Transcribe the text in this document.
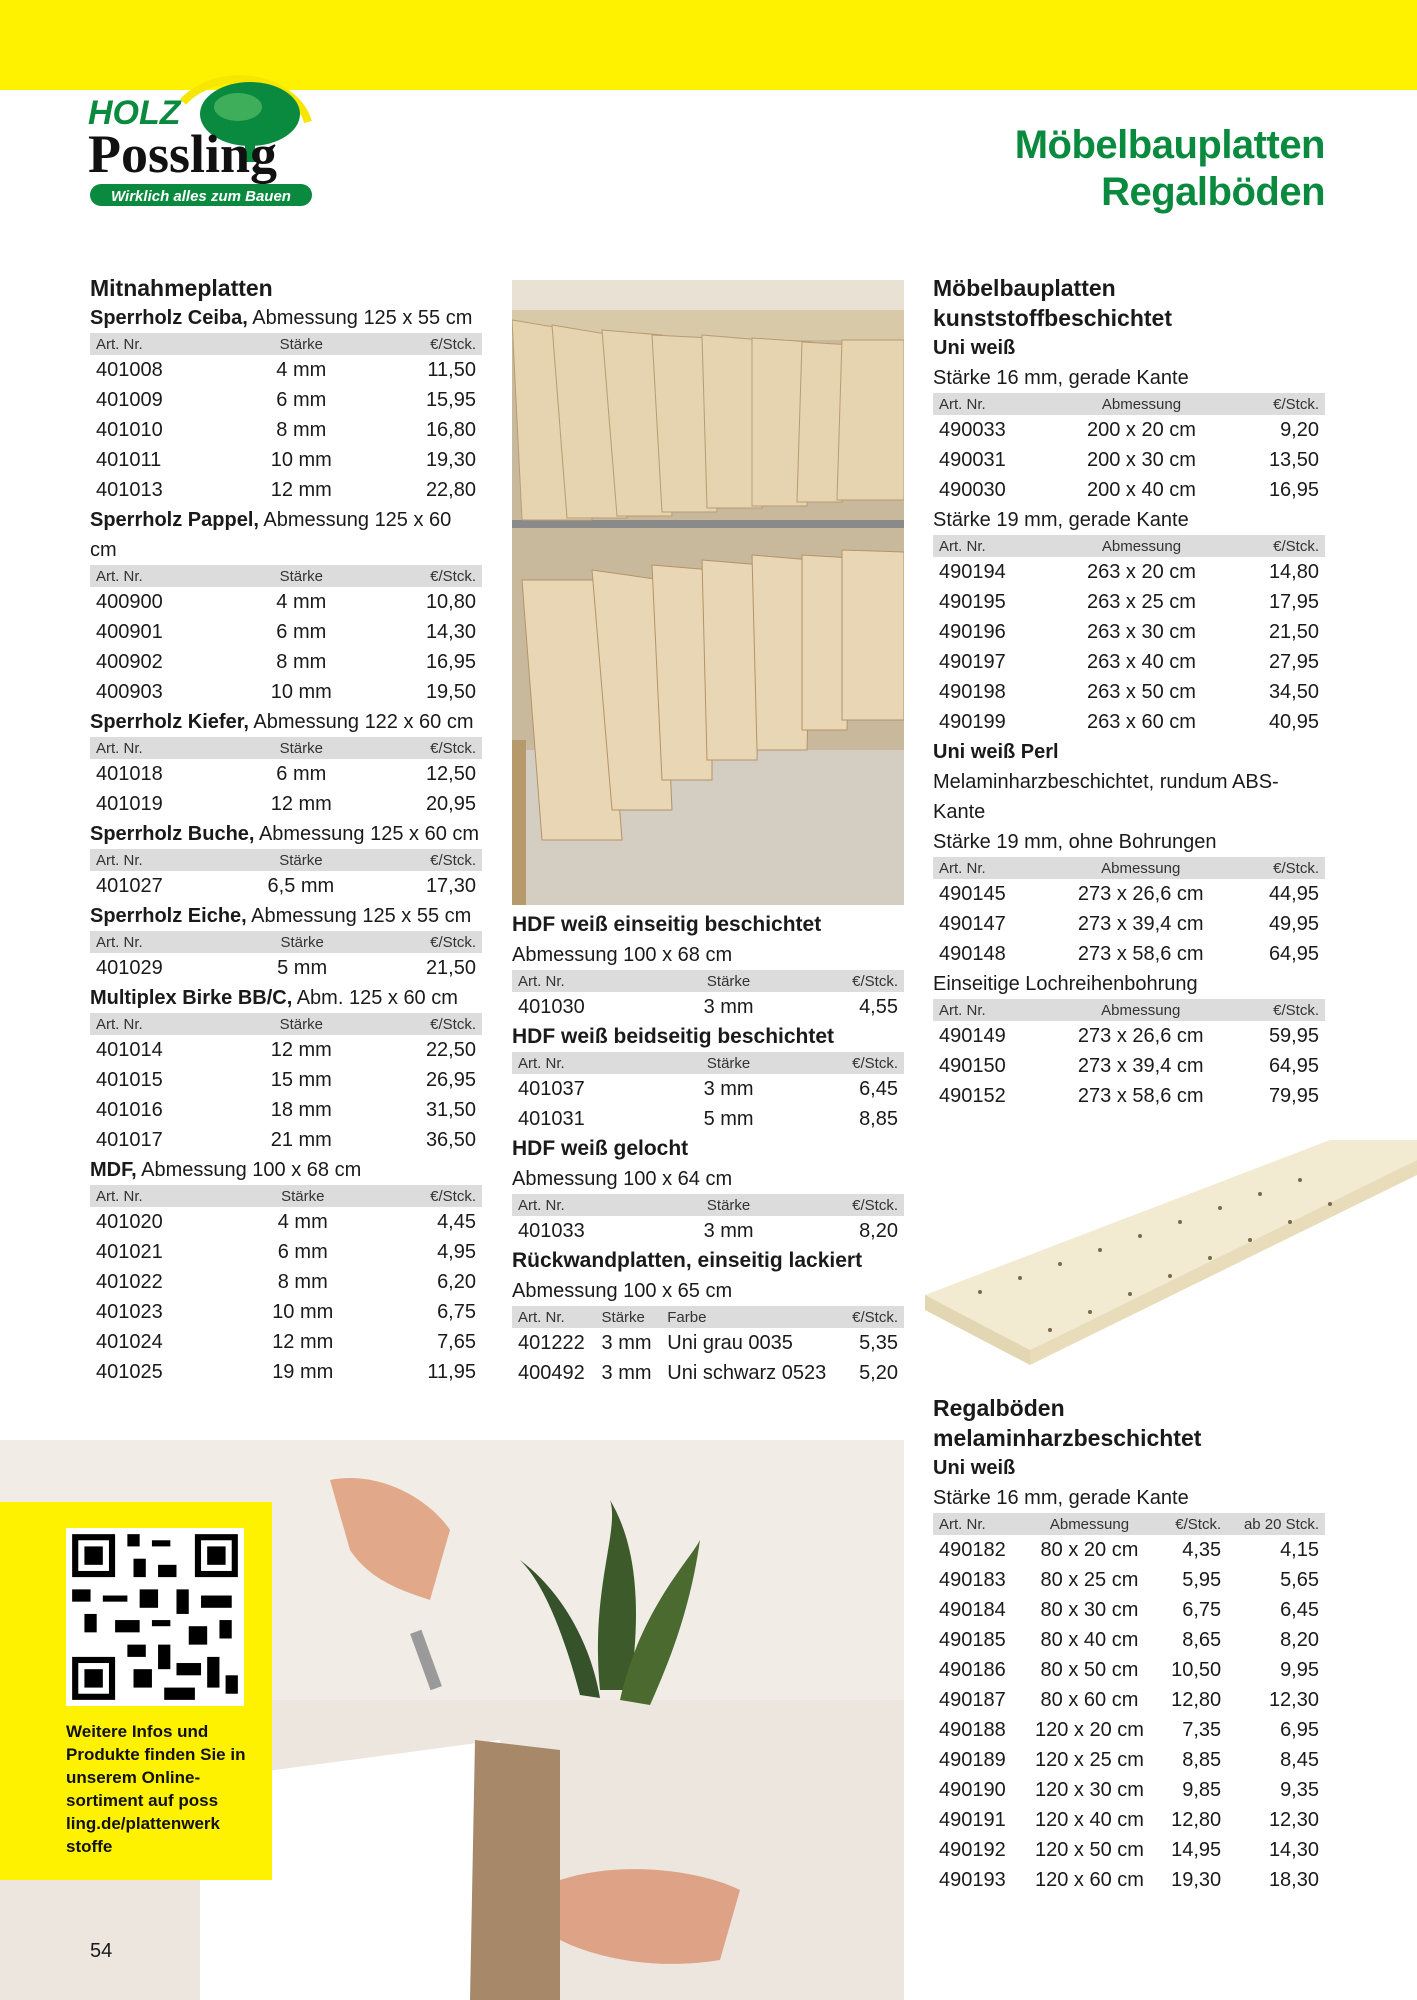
HOLZ
Possling
Wirklich alles zum Bauen
Möbelbauplatten
Regalböden
Mitnahmeplatten
Sperrholz Ceiba, Abmessung 125 x 55 cm
Art. Nr.	Stärke	€/Stck.
401008	4 mm	11,50
401009	6 mm	15,95
401010	8 mm	16,80
401011	10 mm	19,30
401013	12 mm	22,80
Sperrholz Pappel, Abmessung 125 x 60 cm
Art. Nr.	Stärke	€/Stck.
400900	4 mm	10,80
400901	6 mm	14,30
400902	8 mm	16,95
400903	10 mm	19,50
Sperrholz Kiefer, Abmessung 122 x 60 cm
Art. Nr.	Stärke	€/Stck.
401018	6 mm	12,50
401019	12 mm	20,95
Sperrholz Buche, Abmessung 125 x 60 cm
Art. Nr.	Stärke	€/Stck.
401027	6,5 mm	17,30
Sperrholz Eiche, Abmessung 125 x 55 cm
Art. Nr.	Stärke	€/Stck.
401029	5 mm	21,50
Multiplex Birke BB/C, Abm. 125 x 60 cm
Art. Nr.	Stärke	€/Stck.
401014	12 mm	22,50
401015	15 mm	26,95
401016	18 mm	31,50
401017	21 mm	36,50
MDF, Abmessung 100 x 68 cm
Art. Nr.	Stärke	€/Stck.
401020	4 mm	4,45
401021	6 mm	4,95
401022	8 mm	6,20
401023	10 mm	6,75
401024	12 mm	7,65
401025	19 mm	11,95
HDF weiß einseitig beschichtet
Abmessung 100 x 68 cm
Art. Nr.	Stärke	€/Stck.
401030	3 mm	4,55
HDF weiß beidseitig beschichtet
Art. Nr.	Stärke	€/Stck.
401037	3 mm	6,45
401031	5 mm	8,85
HDF weiß gelocht
Abmessung 100 x 64 cm
Art. Nr.	Stärke	€/Stck.
401033	3 mm	8,20
Rückwandplatten, einseitig lackiert
Abmessung 100 x 65 cm
Art. Nr.	Stärke	Farbe	€/Stck.
401222	3 mm	Uni grau 0035	5,35
400492	3 mm	Uni schwarz 0523	5,20
Möbelbauplatten
kunststoffbeschichtet
Uni weiß
Stärke 16 mm, gerade Kante
Art. Nr.	Abmessung	€/Stck.
490033	200 x 20 cm	9,20
490031	200 x 30 cm	13,50
490030	200 x 40 cm	16,95
Stärke 19 mm, gerade Kante
Art. Nr.	Abmessung	€/Stck.
490194	263 x 20 cm	14,80
490195	263 x 25 cm	17,95
490196	263 x 30 cm	21,50
490197	263 x 40 cm	27,95
490198	263 x 50 cm	34,50
490199	263 x 60 cm	40,95
Uni weiß Perl
Melaminharzbeschichtet, rundum ABS-Kante
Stärke 19 mm, ohne Bohrungen
Art. Nr.	Abmessung	€/Stck.
490145	273 x 26,6 cm	44,95
490147	273 x 39,4 cm	49,95
490148	273 x 58,6 cm	64,95
Einseitige Lochreihenbohrung
Art. Nr.	Abmessung	€/Stck.
490149	273 x 26,6 cm	59,95
490150	273 x 39,4 cm	64,95
490152	273 x 58,6 cm	79,95
Regalböden
melaminharzbeschichtet
Uni weiß
Stärke 16 mm, gerade Kante
Art. Nr.	Abmessung	€/Stck.	ab 20 Stck.
490182	80 x 20 cm	4,35	4,15
490183	80 x 25 cm	5,95	5,65
490184	80 x 30 cm	6,75	6,45
490185	80 x 40 cm	8,65	8,20
490186	80 x 50 cm	10,50	9,95
490187	80 x 60 cm	12,80	12,30
490188	120 x 20 cm	7,35	6,95
490189	120 x 25 cm	8,85	8,45
490190	120 x 30 cm	9,85	9,35
490191	120 x 40 cm	12,80	12,30
490192	120 x 50 cm	14,95	14,30
490193	120 x 60 cm	19,30	18,30
Weitere Infos und Produkte finden Sie in unserem Online-sortiment auf poss ling.de/plattenwerk stoffe
54
